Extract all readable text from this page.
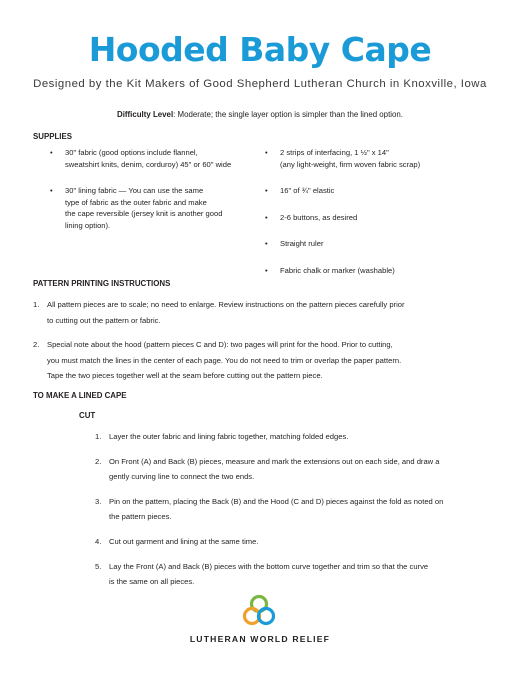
Hooded Baby Cape
Designed by the Kit Makers of Good Shepherd Lutheran Church in Knoxville, Iowa
Difficulty Level: Moderate; the single layer option is simpler than the lined option.
SUPPLIES
• 30" fabric (good options include flannel,
sweatshirt knits, denim, corduroy) 45" or 60" wide
• 30" lining fabric — You can use the same
type of fabric as the outer fabric and make
the cape reversible (jersey knit is another good
lining option).
• 2 strips of interfacing, 1 ½" x 14"
(any light-weight, firm woven fabric scrap)
• 16" of ¾" elastic
• 2-6 buttons, as desired
• Straight ruler
• Fabric chalk or marker (washable)
PATTERN PRINTING INSTRUCTIONS
1. All pattern pieces are to scale; no need to enlarge. Review instructions on the pattern pieces carefully prior
to cutting out the pattern or fabric.
2. Special note about the hood (pattern pieces C and D): two pages will print for the hood. Prior to cutting,
you must match the lines in the center of each page. You do not need to trim or overlap the paper pattern.
Tape the two pieces together well at the seam before cutting out the pattern piece.
TO MAKE A LINED CAPE
CUT
1. Layer the outer fabric and lining fabric together, matching folded edges.
2. On Front (A) and Back (B) pieces, measure and mark the extensions out on each side, and draw a
gently curving line to connect the two ends.
3. Pin on the pattern, placing the Back (B) and the Hood (C and D) pieces against the fold as noted on
the pattern pieces.
4. Cut out garment and lining at the same time.
5. Lay the Front (A) and Back (B) pieces with the bottom curve together and trim so that the curve
is the same on all pieces.
LUTHERAN WORLD RELIEF
